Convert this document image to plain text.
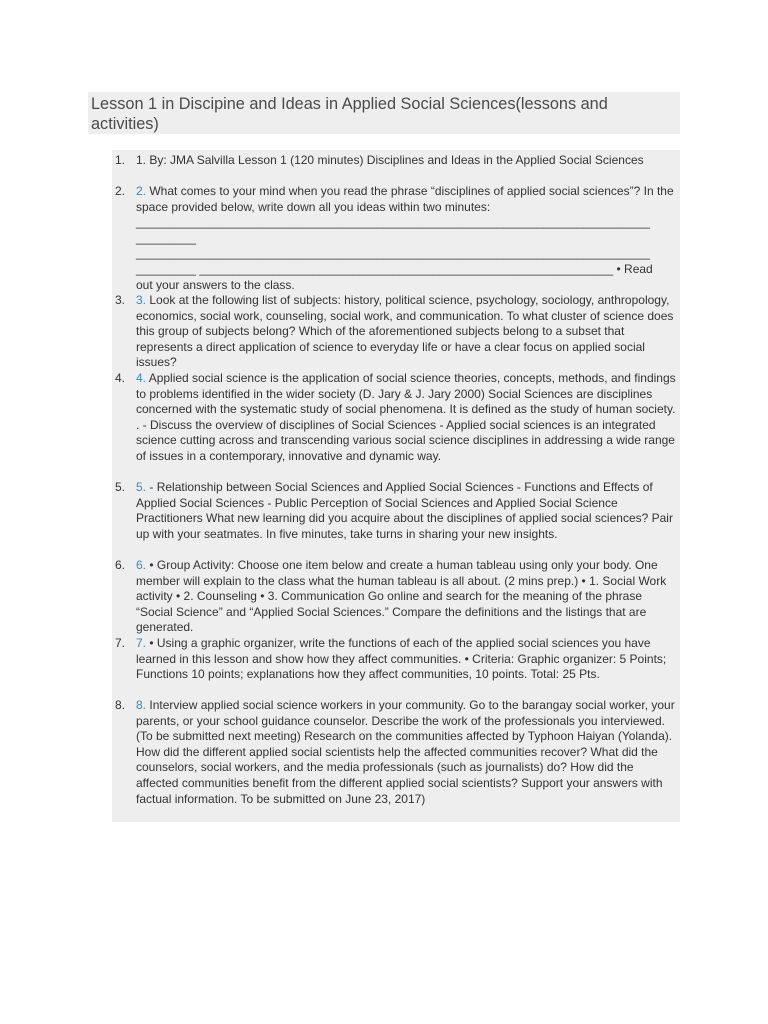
Lesson 1 in Discipine and Ideas in Applied Social Sciences(lessons and activities)
1. 1. By: JMA Salvilla Lesson 1 (120 minutes) Disciplines and Ideas in the Applied Social Sciences
2. 2. What comes to your mind when you read the phrase “disciplines of applied social sciences”? In the space provided below, write down all you ideas within two minutes:
_____________________________________________________________________________
_________
_____________________________________________________________________________
_________ ______________________________________________________________ • Read
out your answers to the class.
3. 3. Look at the following list of subjects: history, political science, psychology, sociology, anthropology, economics, social work, counseling, social work, and communication. To what cluster of science does this group of subjects belong? Which of the aforementioned subjects belong to a subset that represents a direct application of science to everyday life or have a clear focus on applied social issues?
4. 4. Applied social science is the application of social science theories, concepts, methods, and findings to problems identified in the wider society (D. Jary & J. Jary 2000) Social Sciences are disciplines concerned with the systematic study of social phenomena. It is defined as the study of human society. . - Discuss the overview of disciplines of Social Sciences - Applied social sciences is an integrated science cutting across and transcending various social science disciplines in addressing a wide range of issues in a contemporary, innovative and dynamic way.
5. 5. - Relationship between Social Sciences and Applied Social Sciences - Functions and Effects of Applied Social Sciences - Public Perception of Social Sciences and Applied Social Science Practitioners What new learning did you acquire about the disciplines of applied social sciences? Pair up with your seatmates. In five minutes, take turns in sharing your new insights.
6. 6. • Group Activity: Choose one item below and create a human tableau using only your body. One member will explain to the class what the human tableau is all about. (2 mins prep.) • 1. Social Work activity • 2. Counseling • 3. Communication Go online and search for the meaning of the phrase “Social Science” and “Applied Social Sciences.” Compare the definitions and the listings that are generated.
7. 7. • Using a graphic organizer, write the functions of each of the applied social sciences you have learned in this lesson and show how they affect communities. • Criteria: Graphic organizer: 5 Points; Functions 10 points; explanations how they affect communities, 10 points. Total: 25 Pts.
8. 8. Interview applied social science workers in your community. Go to the barangay social worker, your parents, or your school guidance counselor. Describe the work of the professionals you interviewed. (To be submitted next meeting) Research on the communities affected by Typhoon Haiyan (Yolanda). How did the different applied social scientists help the affected communities recover? What did the counselors, social workers, and the media professionals (such as journalists) do? How did the affected communities benefit from the different applied social scientists? Support your answers with factual information. To be submitted on June 23, 2017)
